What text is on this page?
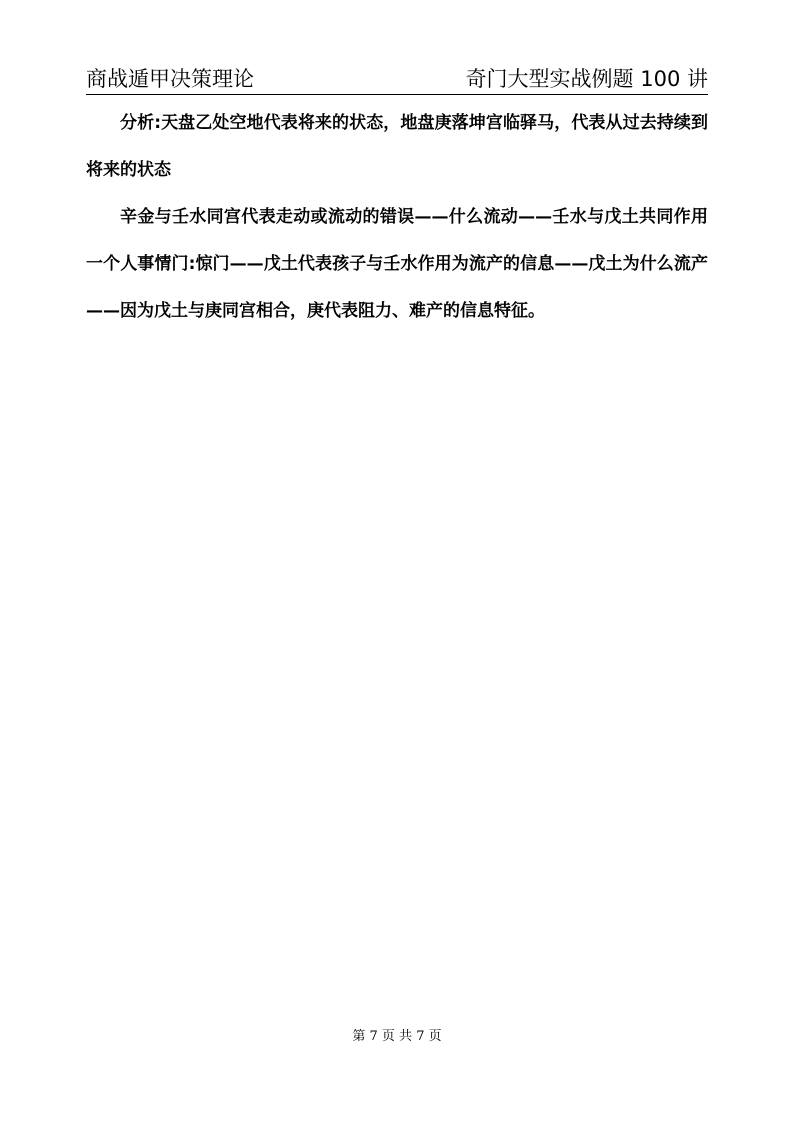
商战遁甲决策理论	奇门大型实战例题 100 讲

分析:天盘乙处空地代表将来的状态，地盘庚落坤宫临驿马，代表从过去持续到将来的状态

辛金与壬水同宫代表走动或流动的错误——什么流动——壬水与戊土共同作用一个人事情门:惊门——戊土代表孩子与壬水作用为流产的信息——戊土为什么流产——因为戊土与庚同宫相合，庚代表阻力、难产的信息特征。

第 7 页 共 7 页
